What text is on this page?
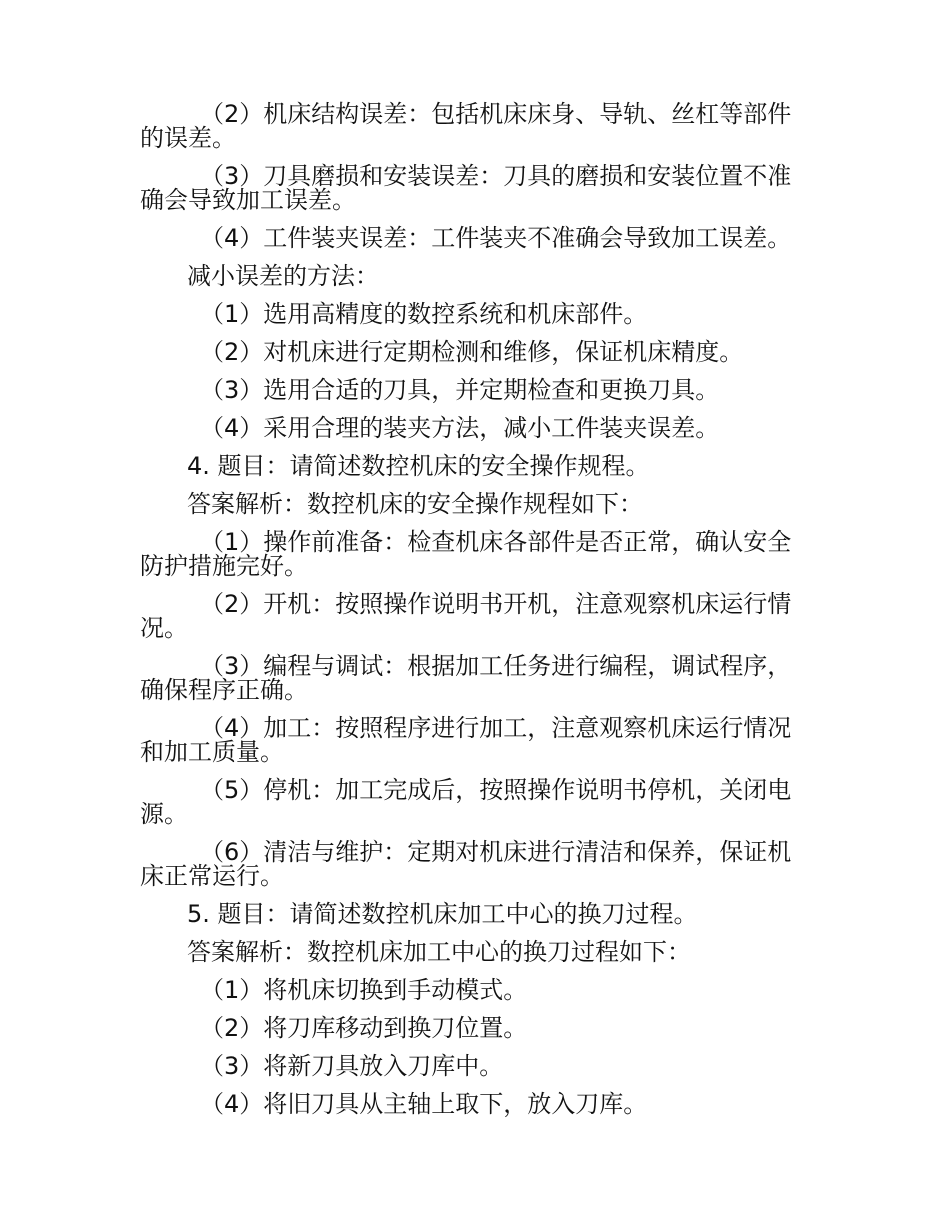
（2）机床结构误差：包括机床床身、导轨、丝杠等部件的误差。

（3）刀具磨损和安装误差：刀具的磨损和安装位置不准确会导致加工误差。

（4）工件装夹误差：工件装夹不准确会导致加工误差。

减小误差的方法：

（1）选用高精度的数控系统和机床部件。

（2）对机床进行定期检测和维修，保证机床精度。

（3）选用合适的刀具，并定期检查和更换刀具。

（4）采用合理的装夹方法，减小工件装夹误差。

4. 题目：请简述数控机床的安全操作规程。

答案解析：数控机床的安全操作规程如下：

（1）操作前准备：检查机床各部件是否正常，确认安全防护措施完好。

（2）开机：按照操作说明书开机，注意观察机床运行情况。

（3）编程与调试：根据加工任务进行编程，调试程序，确保程序正确。

（4）加工：按照程序进行加工，注意观察机床运行情况和加工质量。

（5）停机：加工完成后，按照操作说明书停机，关闭电源。

（6）清洁与维护：定期对机床进行清洁和保养，保证机床正常运行。

5. 题目：请简述数控机床加工中心的换刀过程。

答案解析：数控机床加工中心的换刀过程如下：

（1）将机床切换到手动模式。

（2）将刀库移动到换刀位置。

（3）将新刀具放入刀库中。

（4）将旧刀具从主轴上取下，放入刀库。
